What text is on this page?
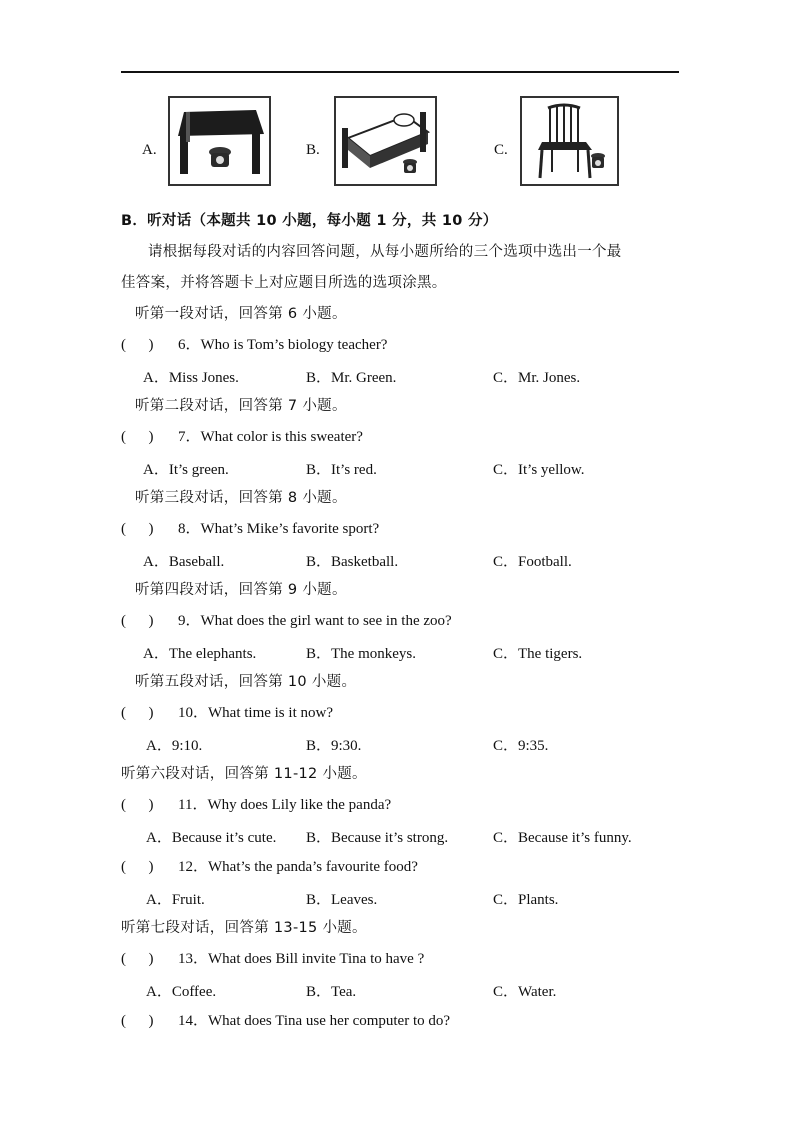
A.	B.	C.
B．听对话（本题共 10 小题，每小题 1 分，共 10 分）
请根据每段对话的内容回答问题，从每小题所给的三个选项中选出一个最
佳答案，并将答题卡上对应题目所选的选项涂黑。
听第一段对话，回答第 6 小题。
(      ) 6．Who is Tom’s biology teacher?
A．Miss Jones.	B．Mr. Green.	C．Mr. Jones.
听第二段对话，回答第 7 小题。
(      ) 7．What color is this sweater?
A．It’s green.	B．It’s red.	C．It’s yellow.
听第三段对话，回答第 8 小题。
(      ) 8．What’s Mike’s favorite sport?
A．Baseball.	B．Basketball.	C．Football.
听第四段对话，回答第 9 小题。
(      ) 9．What does the girl want to see in the zoo?
A．The elephants.	B．The monkeys.	C．The tigers.
听第五段对话，回答第 10 小题。
(      ) 10．What time is it now?
A．9:10.	B．9:30.	C．9:35.
听第六段对话，回答第 11-12 小题。
(      ) 11．Why does Lily like the panda?
A．Because it’s cute. B．Because it’s strong.	C．Because it’s funny.
(      ) 12．What’s the panda’s favourite food?
A．Fruit.	B．Leaves.	C．Plants.
听第七段对话，回答第 13-15 小题。
(      ) 13．What does Bill invite Tina to have ?
A．Coffee.	B．Tea.	C．Water.
(      ) 14．What does Tina use her computer to do?
